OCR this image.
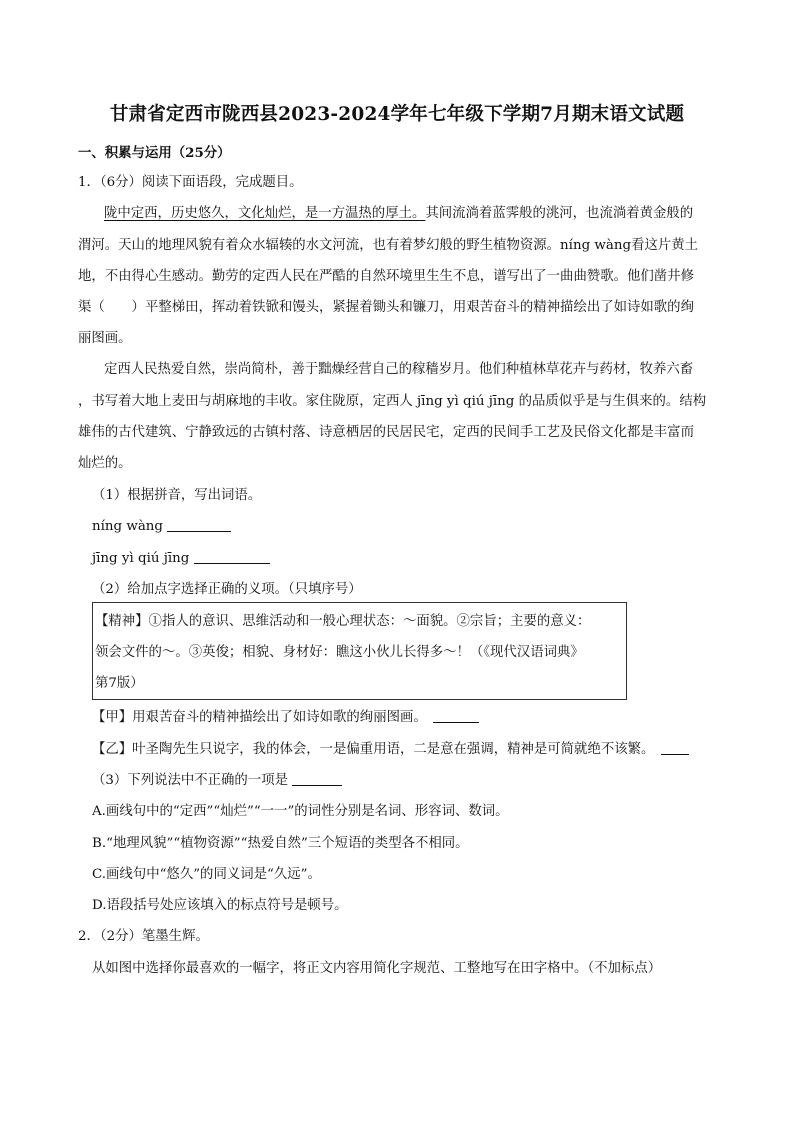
甘肃省定西市陇西县2023-2024学年七年级下学期7月期末语文试题
一、积累与运用（25分）
1．（6分）阅读下面语段，完成题目。
陇中定西，历史悠久，文化灿烂，是一方温热的厚土。其间流淌着蓝霁般的洮河，也流淌着黄金般的
渭河。天山的地理风貌有着众水辐辏的水文河流，也有着梦幻般的野生植物资源。níng wàng看这片黄土
地，不由得心生感动。勤劳的定西人民在严酷的自然环境里生生不息，谱写出了一曲曲赞歌。他们凿井修
渠（　　）平整梯田，挥动着铁锨和馒头，紧握着锄头和镰刀，用艰苦奋斗的精神描绘出了如诗如歌的绚
丽图画。
定西人民热爱自然，崇尚简朴，善于黜燥经营自己的稼穑岁月。他们种植林草花卉与药材，牧养六畜
，书写着大地上麦田与胡麻地的丰收。家住陇原，定西人 jīng yì qiú jīng 的品质似乎是与生俱来的。结构
雄伟的古代建筑、宁静致远的古镇村落、诗意栖居的民居民宅，定西的民间手工艺及民俗文化都是丰富而
灿烂的。
（1）根据拼音，写出词语。
níng wàng
jīng yì qiú jīng
（2）给加点字选择正确的义项。（只填序号）
【精神】①指人的意识、思维活动和一般心理状态：～面貌。②宗旨；主要的意义：
领会文件的～。③英俊；相貌、身材好：瞧这小伙儿长得多～！（《现代汉语词典》
第7版）
【甲】用艰苦奋斗的精神描绘出了如诗如歌的绚丽图画。　
【乙】叶圣陶先生只说字，我的体会，一是偏重用语，二是意在强调，精神是可简就绝不该繁。　
（3）下列说法中不正确的一项是
A.画线句中的“定西”“灿烂”“一一”的词性分别是名词、形容词、数词。
B.“地理风貌”“植物资源”“热爱自然”三个短语的类型各不相同。
C.画线句中“悠久”的同义词是“久远”。
D.语段括号处应该填入的标点符号是顿号。
2．（2分）笔墨生辉。
从如图中选择你最喜欢的一幅字，将正文内容用简化字规范、工整地写在田字格中。（不加标点）
